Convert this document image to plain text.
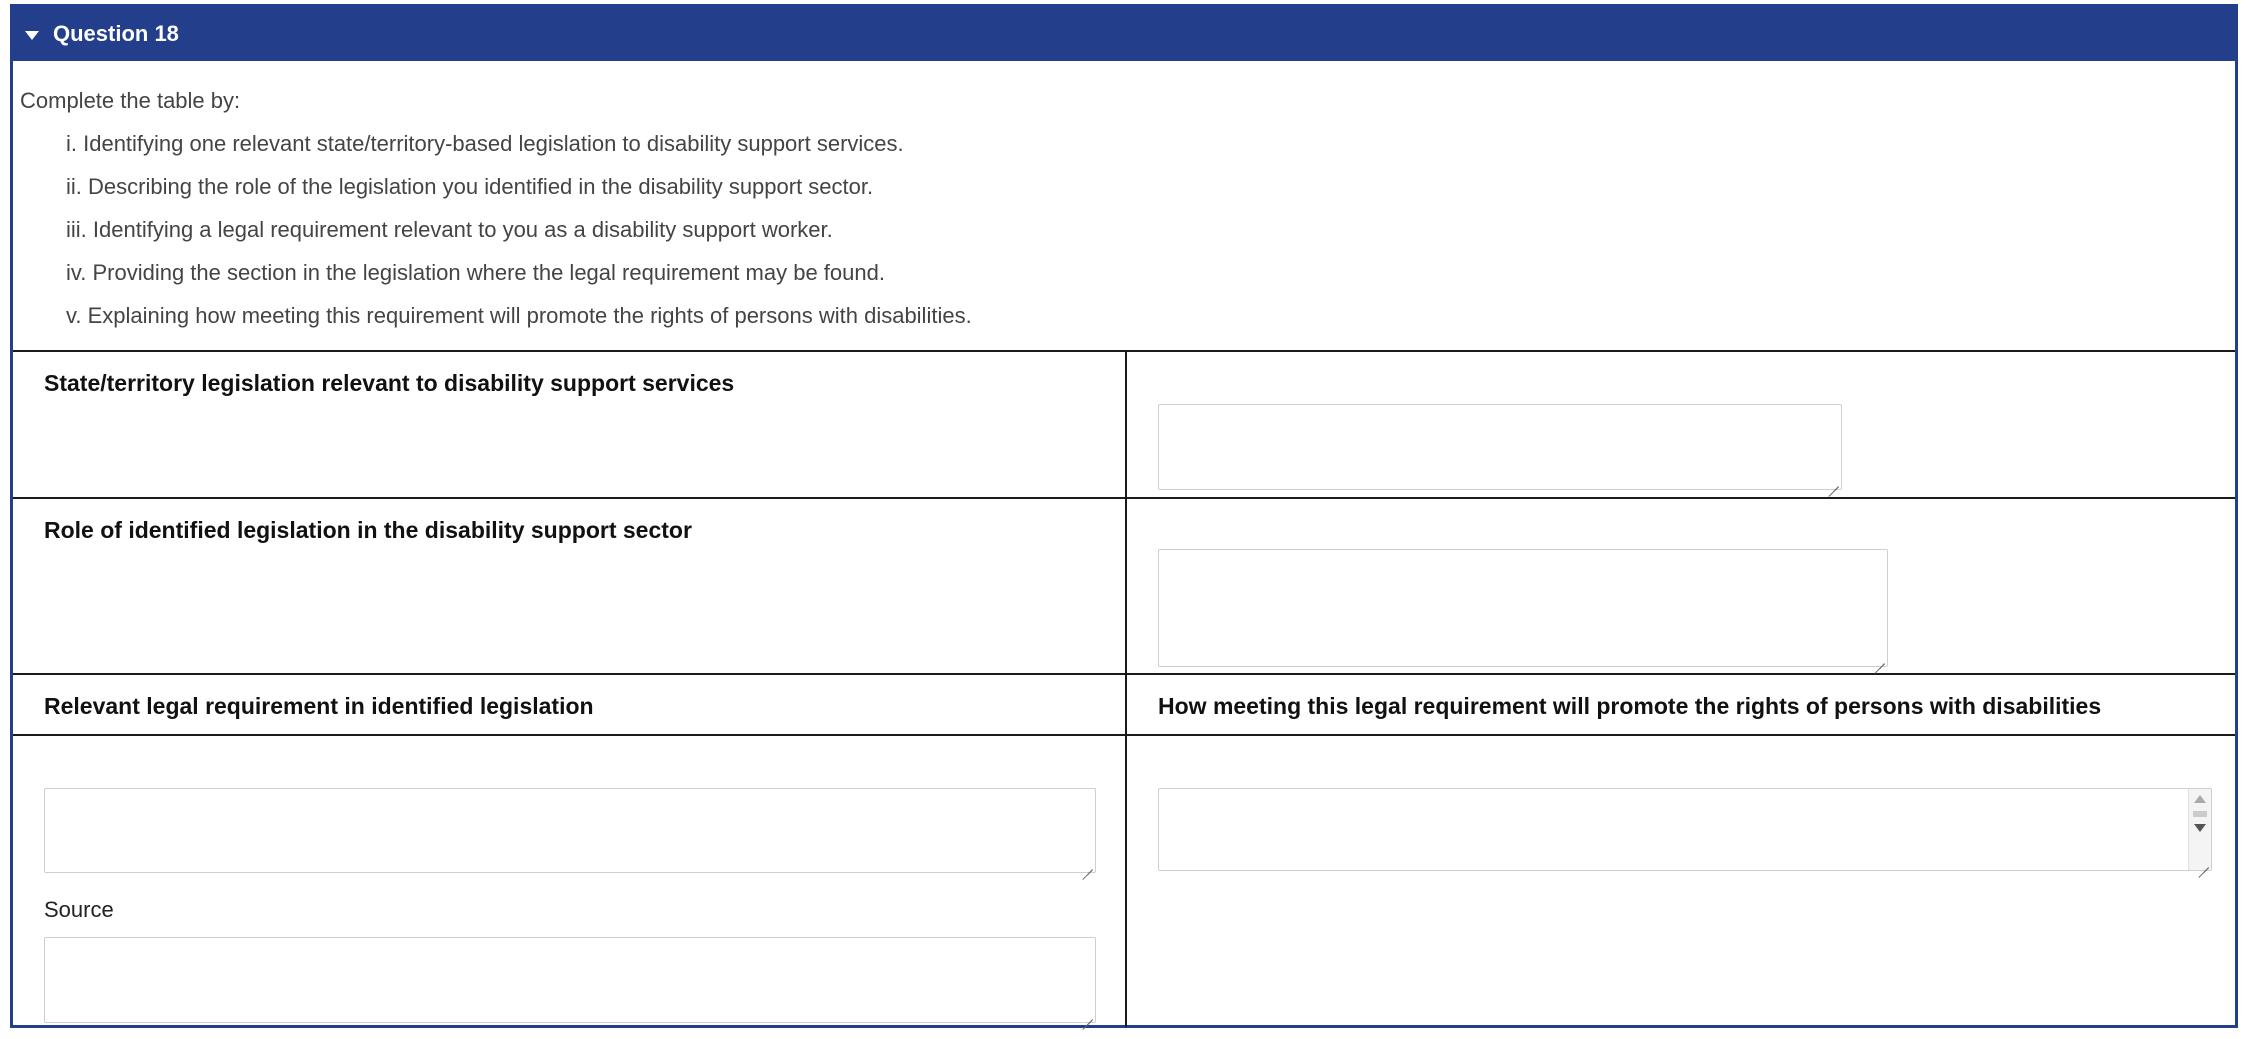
Question 18
Complete the table by:
i. Identifying one relevant state/territory-based legislation to disability support services.
ii. Describing the role of the legislation you identified in the disability support sector.
iii. Identifying a legal requirement relevant to you as a disability support worker.
iv. Providing the section in the legislation where the legal requirement may be found.
v. Explaining how meeting this requirement will promote the rights of persons with disabilities.
State/territory legislation relevant to disability support services
Role of identified legislation in the disability support sector
Relevant legal requirement in identified legislation	How meeting this legal requirement will promote the rights of persons with disabilities
Source
